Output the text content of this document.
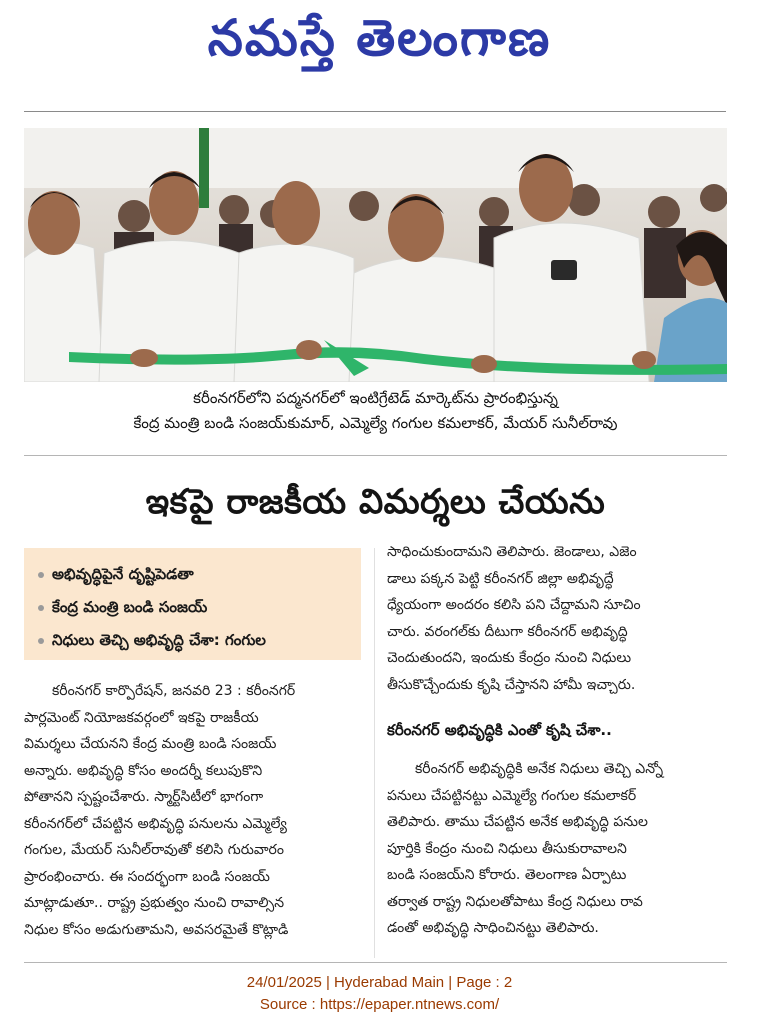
నమస్తే తెలంగాణ
కరీంనగర్‌లోని పద్మనగర్‌లో ఇంటిగ్రేటెడ్ మార్కెట్‌ను ప్రారంభిస్తున్న
కేంద్ర మంత్రి బండి సంజయ్‌కుమార్, ఎమ్మెల్యే గంగుల కమలాకర్, మేయర్ సునీల్‌రావు
ఇకపై రాజకీయ విమర్శలు చేయను
అభివృద్ధిపైనే దృష్టిపెడతా
కేంద్ర మంత్రి బండి సంజయ్
నిధులు తెచ్చి అభివృద్ధి చేశా: గంగుల
కరీంనగర్ కార్పొరేషన్, జనవరి 23 : కరీంనగర్
పార్లమెంట్ నియోజకవర్గంలో ఇకపై రాజకీయ
విమర్శలు చేయనని కేంద్ర మంత్రి బండి సంజయ్
అన్నారు. అభివృద్ధి కోసం అందర్నీ కలుపుకొని
పోతానని స్పష్టంచేశారు. స్మార్ట్‌సిటీలో భాగంగా
కరీంనగర్‌లో చేపట్టిన అభివృద్ధి పనులను ఎమ్మెల్యే
గంగుల, మేయర్ సునీల్‌రావుతో కలిసి గురువారం
ప్రారంభించారు. ఈ సందర్భంగా బండి సంజయ్
మాట్లాడుతూ.. రాష్ట్ర ప్రభుత్వం నుంచి రావాల్సిన
నిధుల కోసం అడుగుతామని, అవసరమైతే కొట్లాడి
సాధించుకుందామని తెలిపారు. జెండాలు, ఎజెం
డాలు పక్కన పెట్టి కరీంనగర్ జిల్లా అభివృద్ధే
ధ్యేయంగా అందరం కలిసి పని చేద్దామని సూచిం
చారు. వరంగల్‌కు దీటుగా కరీంనగర్ అభివృద్ధి
చెందుతుందని, ఇందుకు కేంద్రం నుంచి నిధులు
తీసుకొచ్చేందుకు కృషి చేస్తానని హామీ ఇచ్చారు.
కరీంనగర్ అభివృద్ధికి ఎంతో కృషి చేశా..
కరీంనగర్ అభివృద్ధికి అనేక నిధులు తెచ్చి ఎన్నో
పనులు చేపట్టినట్టు ఎమ్మెల్యే గంగుల కమలాకర్
తెలిపారు. తాము చేపట్టిన అనేక అభివృద్ధి పనుల
పూర్తికి కేంద్రం నుంచి నిధులు తీసుకురావాలని
బండి సంజయ్‌ని కోరారు. తెలంగాణ ఏర్పాటు
తర్వాత రాష్ట్ర నిధులతోపాటు కేంద్ర నిధులు రావ
డంతో అభివృద్ధి సాధించినట్టు తెలిపారు.
24/01/2025 | Hyderabad Main | Page : 2
Source : https://epaper.ntnews.com/
